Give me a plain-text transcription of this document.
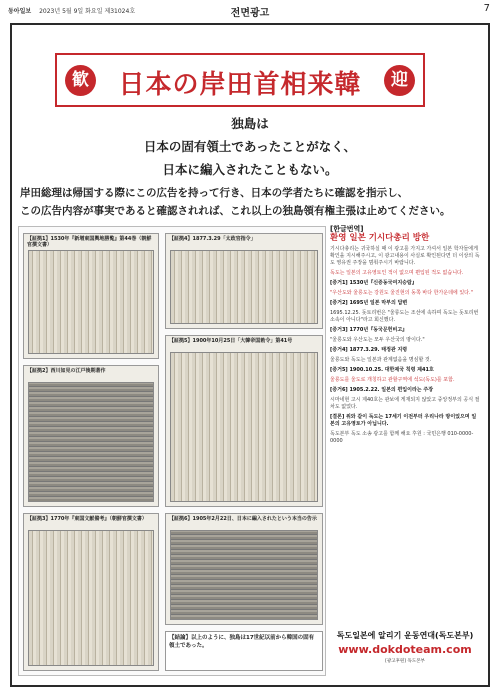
동아일보 2023년 5월 9일 화요일 제31024호	전면광고	7
歓	日本の岸田首相来韓	迎
独島は
日本の固有領土であったことがなく、
日本に編入されたこともない。
岸田総理は帰国する際にこの広告を持って行き、日本の学者たちに確認を指示し、
この広告内容が事実であると確認されれば、これ以上の独島領有権主張は止めてください。
【証拠1】1530年『新増東国輿地勝覧』第44巻（朝鮮官撰文書）
【証拠4】1877.3.29「太政官指令」
【証拠2】西川如見の江戸後期著作
【証拠5】1900年10月25日「大韓帝国勅令」第41号
【証拠3】1770年『東国文献備考』（朝鮮官撰文書）	【証拠6】1905年2月22日、日本に編入されたという本当の告示
【結論】以上のように、独島は17世紀以前から韓国の固有領土であった。
[한글번역]
환영 일본 기시다총리 방한

기시다총리는 귀국하실 때 이 광고를 가지고 가셔서 일본 학자들에게 확인을 지시해주시고, 이 광고내용이 사실로 확인된다면 더 이상의 독도 영유권 주장을 멈춰주시기 바랍니다.

독도는 일본의 고유영토인 적이 없으며 편입된 적도 없습니다.

[증거1] 1530년『신증동국여지승람』

"우산도와 울릉도는 강원도 울진현의 동쪽 바다 한가운데에 있다."

[증거2] 1695년 일본 막부의 답변

1695.12.25. 돗토리번은 "울릉도는 조선에 속하며 독도는 돗토리번 소속이 아니다"라고 회신했다.

[증거3] 1770년『동국문헌비고』

"울릉도와 우산도는 모두 우산국의 땅이다."

[증거4] 1877.3.29. 태정관 지령

울릉도와 독도는 일본과 관계없음을 명심할 것.

[증거5] 1900.10.25. 대한제국 칙령 제41호

울릉도를 울도로 개칭하고 관할구역에 석도(독도)를 포함.

[증거6] 1905.2.22. 일본의 편입이라는 주장

시마네현 고시 제40호는 관보에 게재되지 않았고 중앙정부의 공식 절차도 없었다.

[결론] 위와 같이 독도는 17세기 이전부터 우리나라 땅이었으며 일본의 고유영토가 아닙니다.

독도본부 독도 소송 광고를 함께 해요 후원 : 국민은행 010-0000-0000

독도일본에 알리기 운동연대(독도본부)
www.dokdoteam.com
[광고후원] 독도본부
